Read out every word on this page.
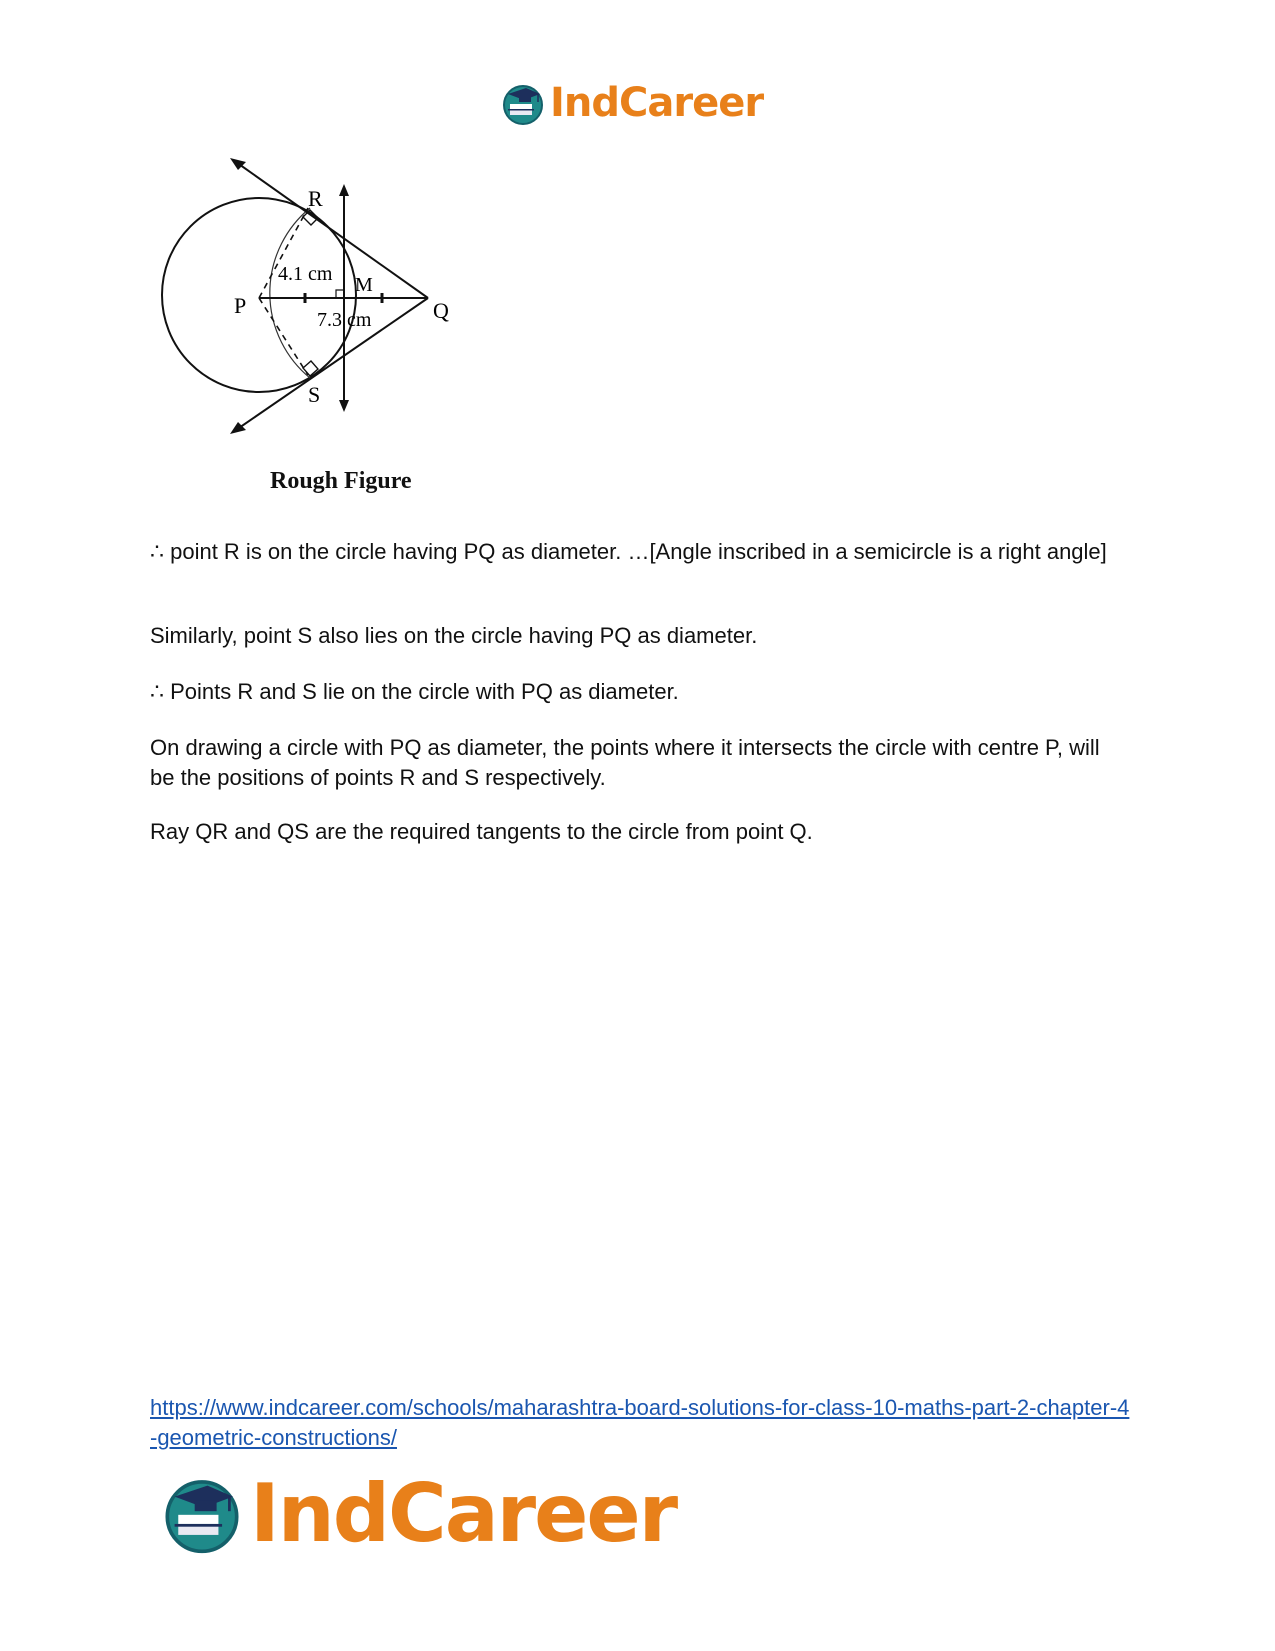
IndCareer
R
P	Q
S
M
4.1 cm
7.3 cm
Rough Figure
∴ point R is on the circle having PQ as diameter. …[Angle inscribed in a semicircle is a right angle]
Similarly, point S also lies on the circle having PQ as diameter.
∴ Points R and S lie on the circle with PQ as diameter.
On drawing a circle with PQ as diameter, the points where it intersects the circle with centre P, will be the positions of points R and S respectively.
Ray QR and QS are the required tangents to the circle from point Q.
https://www.indcareer.com/schools/maharashtra-board-solutions-for-class-10-maths-part-2-chapter-4-geometric-constructions/
IndCareer
